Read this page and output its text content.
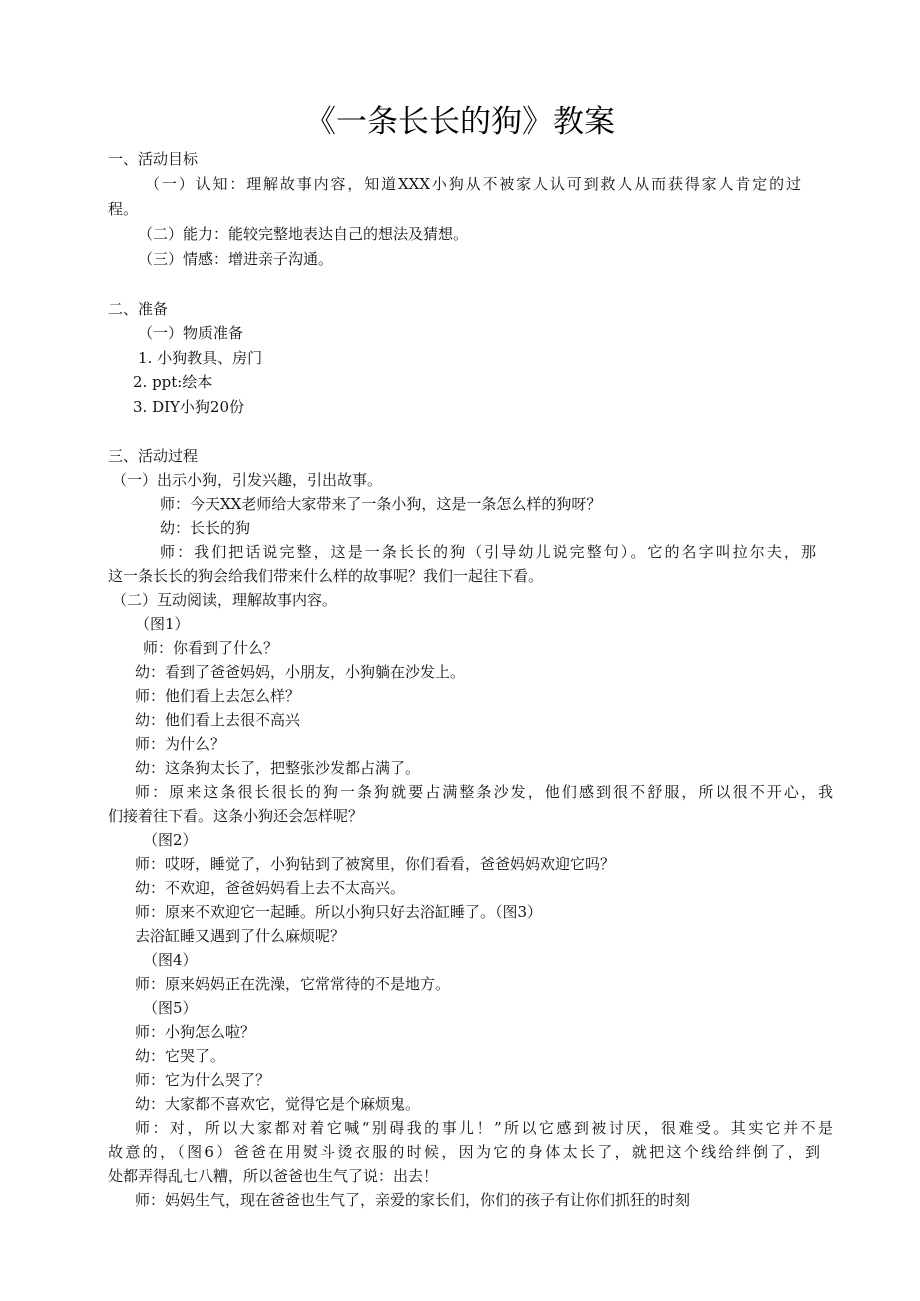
《一条长长的狗》教案
一、活动目标
（一）认知：理解故事内容，知道XXX小狗从不被家人认可到救人从而获得家人肯定的过
程。
（二）能力：能较完整地表达自己的想法及猜想。
（三）情感：增进亲子沟通。
二、准备
（一）物质准备
1. 小狗教具、房门
2. ppt:绘本
3. DIY小狗20份
三、活动过程
（一）出示小狗，引发兴趣，引出故事。
师：今天XX老师给大家带来了一条小狗，这是一条怎么样的狗呀？
幼：长长的狗
师：我们把话说完整，这是一条长长的狗（引导幼儿说完整句）。它的名字叫拉尔夫，那
这一条长长的狗会给我们带来什么样的故事呢？我们一起往下看。
（二）互动阅读，理解故事内容。
（图1）
师：你看到了什么？
幼：看到了爸爸妈妈，小朋友，小狗躺在沙发上。
师：他们看上去怎么样？
幼：他们看上去很不高兴
师：为什么？
幼：这条狗太长了，把整张沙发都占满了。
师：原来这条很长很长的狗一条狗就要占满整条沙发，他们感到很不舒服，所以很不开心，我
们接着往下看。这条小狗还会怎样呢？
（图2）
师：哎呀，睡觉了，小狗钻到了被窝里，你们看看，爸爸妈妈欢迎它吗？
幼：不欢迎，爸爸妈妈看上去不太高兴。
师：原来不欢迎它一起睡。所以小狗只好去浴缸睡了。（图3）
去浴缸睡又遇到了什么麻烦呢？
（图4）
师：原来妈妈正在洗澡，它常常待的不是地方。
（图5）
师：小狗怎么啦？
幼：它哭了。
师：它为什么哭了？
幼：大家都不喜欢它，觉得它是个麻烦鬼。
师：对，所以大家都对着它喊“别碍我的事儿！”所以它感到被讨厌，很难受。其实它并不是
故意的，（图6）爸爸在用熨斗烫衣服的时候，因为它的身体太长了，就把这个线给绊倒了，到
处都弄得乱七八糟，所以爸爸也生气了说：出去！
师：妈妈生气，现在爸爸也生气了，亲爱的家长们，你们的孩子有让你们抓狂的时刻
